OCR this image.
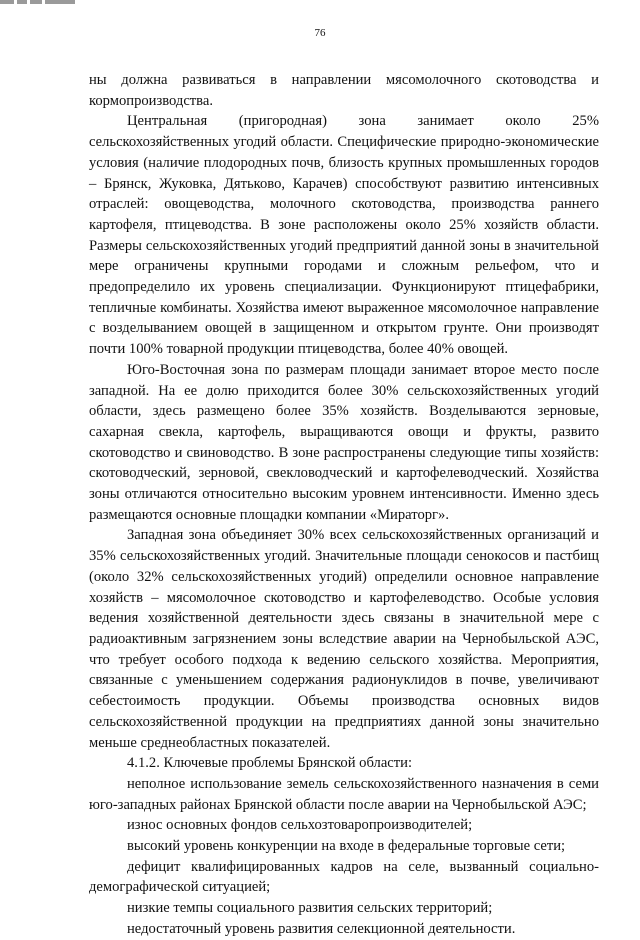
76

ны должна развиваться в направлении мясомолочного скотоводства и кормопроизводства.

Центральная (пригородная) зона занимает около 25% сельскохозяйственных угодий области. Специфические природно-экономические условия (наличие плодородных почв, близость крупных промышленных городов – Брянск, Жуковка, Дятьково, Карачев) способствуют развитию интенсивных отраслей: овощеводства, молочного скотоводства, производства раннего картофеля, птицеводства. В зоне расположены около 25% хозяйств области. Размеры сельскохозяйственных угодий предприятий данной зоны в значительной мере ограничены крупными городами и сложным рельефом, что и предопределило их уровень специализации. Функционируют птицефабрики, тепличные комбинаты. Хозяйства имеют выраженное мясомолочное направление с возделыванием овощей в защищенном и открытом грунте. Они производят почти 100% товарной продукции птицеводства, более 40% овощей.

Юго-Восточная зона по размерам площади занимает второе место после западной. На ее долю приходится более 30% сельскохозяйственных угодий области, здесь размещено более 35% хозяйств. Возделываются зерновые, сахарная свекла, картофель, выращиваются овощи и фрукты, развито скотоводство и свиноводство. В зоне распространены следующие типы хозяйств: скотоводческий, зерновой, свекловодческий и картофелеводческий. Хозяйства зоны отличаются относительно высоким уровнем интенсивности. Именно здесь размещаются основные площадки компании «Мираторг».

Западная зона объединяет 30% всех сельскохозяйственных организаций и 35% сельскохозяйственных угодий. Значительные площади сенокосов и пастбищ (около 32% сельскохозяйственных угодий) определили основное направление хозяйств – мясомолочное скотоводство и картофелеводство. Особые условия ведения хозяйственной деятельности здесь связаны в значительной мере с радиоактивным загрязнением зоны вследствие аварии на Чернобыльской АЭС, что требует особого подхода к ведению сельского хозяйства. Мероприятия, связанные с уменьшением содержания радионуклидов в почве, увеличивают себестоимость продукции. Объемы производства основных видов сельскохозяйственной продукции на предприятиях данной зоны значительно меньше среднеобластных показателей.

4.1.2. Ключевые проблемы Брянской области:

неполное использование земель сельскохозяйственного назначения в семи юго-западных районах Брянской области после аварии на Чернобыльской АЭС;

износ основных фондов сельхозтоваропроизводителей;

высокий уровень конкуренции на входе в федеральные торговые сети;

дефицит квалифицированных кадров на селе, вызванный социально-демографической ситуацией;

низкие темпы социального развития сельских территорий;

недостаточный уровень развития селекционной деятельности.
